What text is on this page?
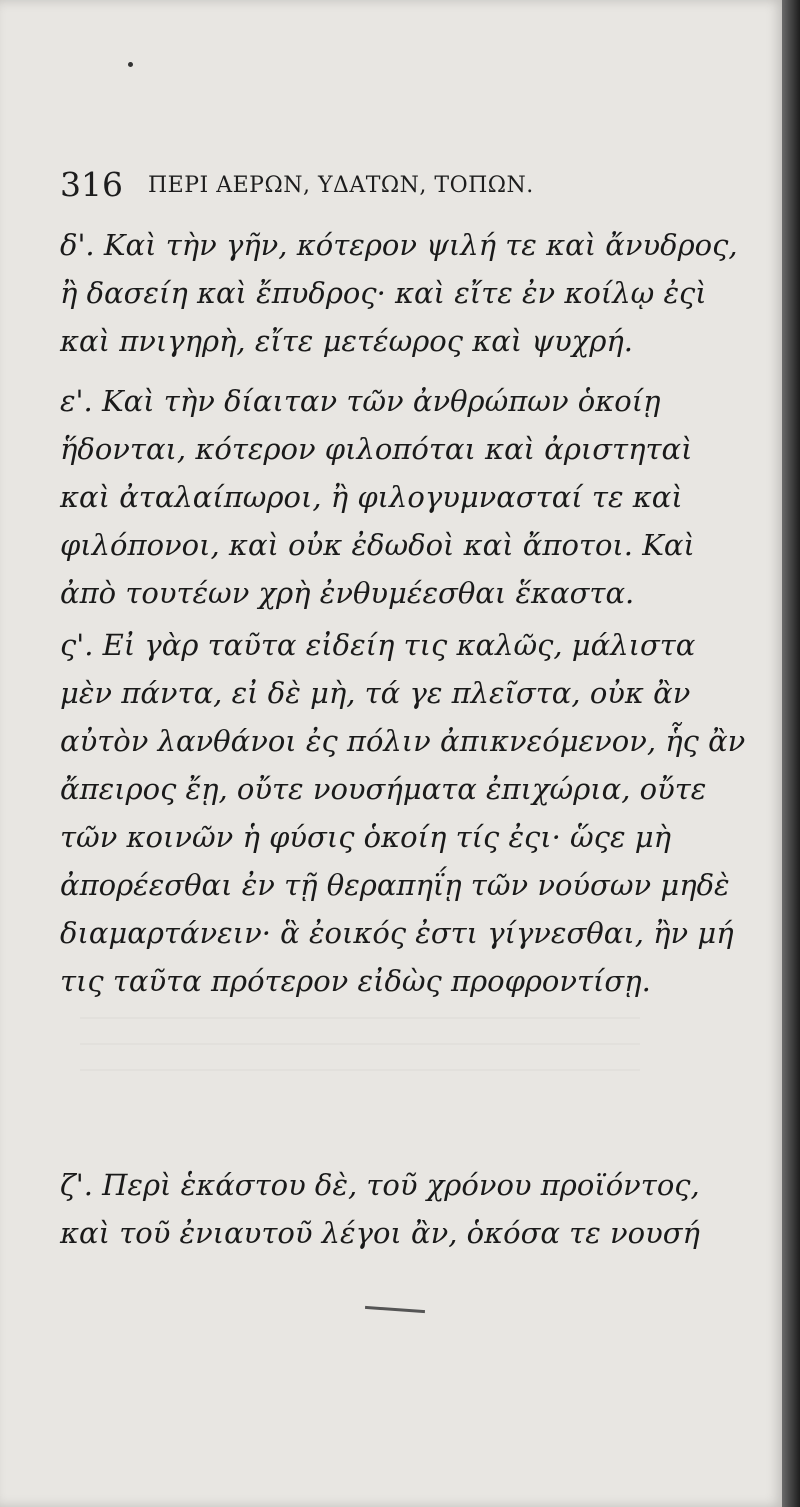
316 ΠΕΡΙ ΑΕΡΩΝ, ΥΔΑΤΩΝ, ΤΟΠΩΝ.
δ'. Καὶ τὴν γῆν, κότερον ψιλή τε καὶ ἄνυδρος,
ἢ δασείη καὶ ἔπυδρος· καὶ εἴτε ἐν κοίλῳ ἐςὶ
καὶ πνιγηρὴ, εἴτε μετέωρος καὶ ψυχρή.
ε'. Καὶ τὴν δίαιταν τῶν ἀνθρώπων ὁκοίῃ
ἥδονται, κότερον φιλοπόται καὶ ἀριστηταὶ
καὶ ἀταλαίπωροι, ἢ φιλογυμνασταί τε καὶ
φιλόπονοι, καὶ οὐκ ἐδωδοὶ καὶ ἄποτοι. Καὶ
ἀπὸ τουτέων χρὴ ἐνθυμέεσθαι ἕκαστα.
ς'. Εἰ γὰρ ταῦτα εἰδείη τις καλῶς, μάλιστα
μὲν πάντα, εἰ δὲ μὴ, τά γε πλεῖστα, οὐκ ἂν
αὐτὸν λανθάνοι ἐς πόλιν ἀπικνεόμενον, ἧς ἂν
ἄπειρος ἔῃ, οὔτε νουσήματα ἐπιχώρια, οὔτε
τῶν κοινῶν ἡ φύσις ὁκοίη τίς ἐςι· ὥςε μὴ
ἀπορέεσθαι ἐν τῇ θεραπηΐῃ τῶν νούσων μηδὲ
διαμαρτάνειν· ἃ ἐοικός ἐστι γίγνεσθαι, ἢν μή
τις ταῦτα πρότερον εἰδὼς προφροντίσῃ.
ζ'. Περὶ ἑκάστου δὲ, τοῦ χρόνου προϊόντος,
καὶ τοῦ ἐνιαυτοῦ λέγοι ἂν, ὁκόσα τε νουσή
